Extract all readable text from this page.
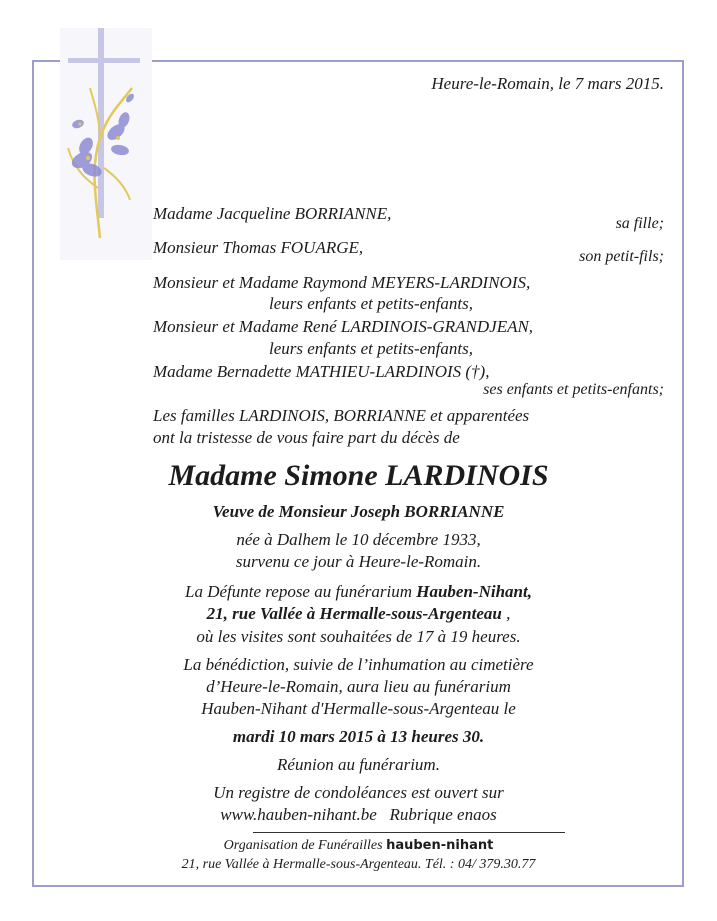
Heure-le-Romain, le 7 mars 2015.
Madame Jacqueline BORRIANNE,
sa fille;
Monsieur Thomas FOUARGE,	son petit-fils;
Monsieur et Madame Raymond MEYERS-LARDINOIS,
leurs enfants et petits-enfants,
Monsieur et Madame René LARDINOIS-GRANDJEAN,
leurs enfants et petits-enfants,
Madame Bernadette MATHIEU-LARDINOIS (†),
ses enfants et petits-enfants;
Les familles LARDINOIS, BORRIANNE et apparentées
ont la tristesse de vous faire part du décès de
Madame Simone LARDINOIS
Veuve de Monsieur Joseph BORRIANNE
née à Dalhem le 10 décembre 1933,
survenu ce jour à Heure-le-Romain.
La Défunte repose au funérarium Hauben-Nihant,
21, rue Vallée à Hermalle-sous-Argenteau ,
où les visites sont souhaitées de 17 à 19 heures.
La bénédiction, suivie de l’inhumation au cimetière
d’Heure-le-Romain, aura lieu au funérarium
Hauben-Nihant d'Hermalle-sous-Argenteau le
mardi 10 mars 2015 à 13 heures 30.
Réunion au funérarium.
Un registre de condoléances est ouvert sur
www.hauben-nihant.be Rubrique enaos
Organisation de Funérailles hauben-nihant
21, rue Vallée à Hermalle-sous-Argenteau. Tél. : 04/ 379.30.77
